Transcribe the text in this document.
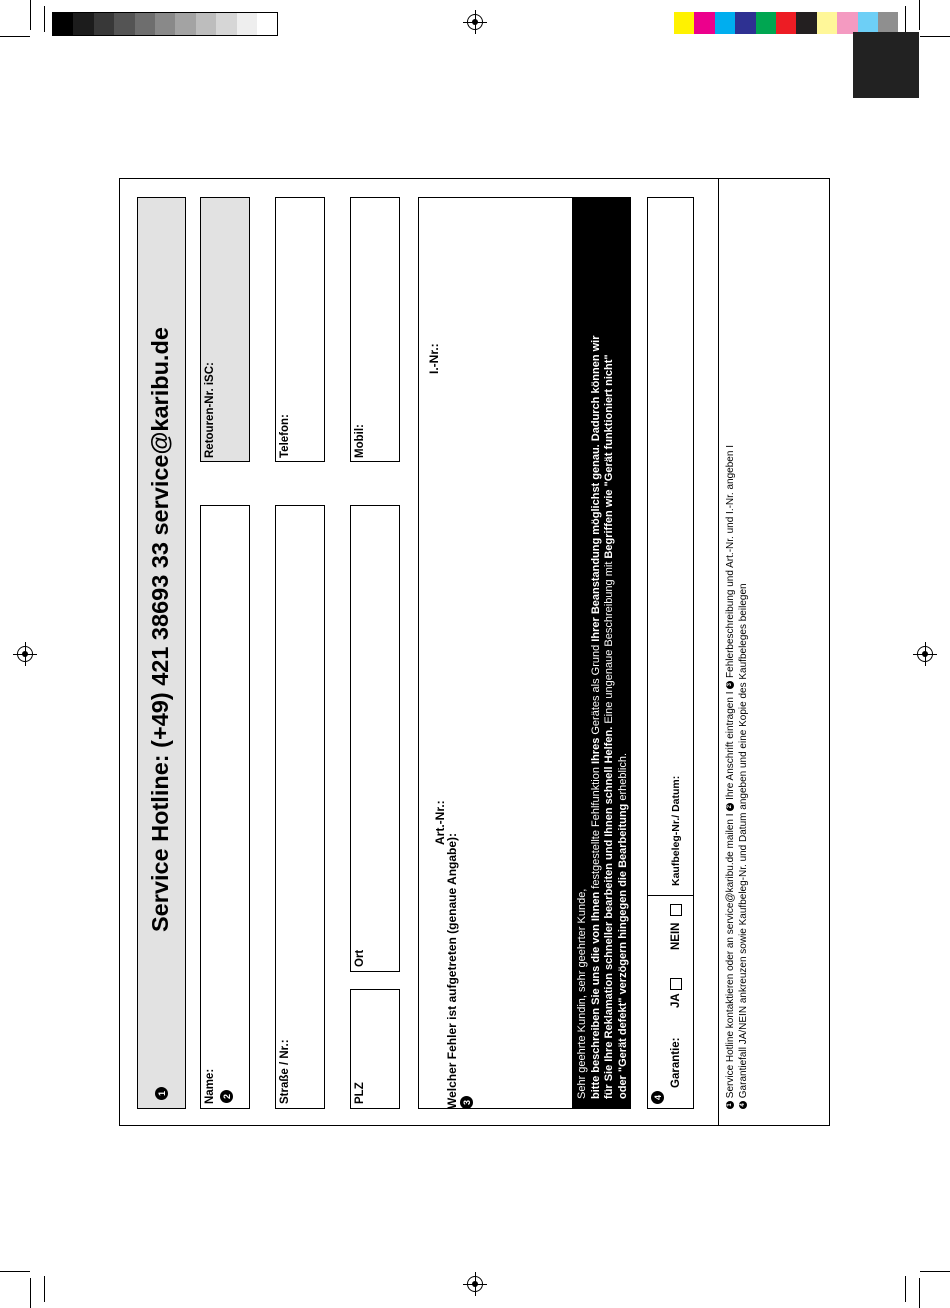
1
Service Hotline: (+49) 421 38693 33 service@karibu.de
Name: 2
Retouren-Nr. iSC:
Straße / Nr.:
Telefon:
PLZ
Ort
Mobil:
Welcher Fehler ist aufgetreten (genaue Angabe): 3
Art.-Nr.:
I.-Nr.:

Sehr geehrte Kundin, sehr geehrter Kunde, bitte beschreiben Sie uns die von Ihnen festgestellte Fehlfunktion Ihres Gerätes als Grund Ihrer Beanstandung möglichst genau. Dadurch können wir

für Sie Ihre Reklamation schneller bearbeiten und Ihnen schnell Helfen. Eine ungenaue Beschreibung mit Begriffen wie "Gerät funktioniert nicht"

oder "Gerät defekt" verzögern hingegen die Bearbeitung erheblich.

4
Garantie:
JA
NEIN
Kaufbeleg-Nr./ Datum:
1 Service Hotline kontaktieren oder an service@karibu.de mailen I 2 Ihre Anschrift eintragen I 3 Fehlerbeschreibung und Art.-Nr. und I.-Nr. angeben I
4 Garantiefall JA/NEIN ankreuzen sowie Kaufbeleg-Nr. und Datum angeben und eine Kopie des Kaufbeleges beilegen
